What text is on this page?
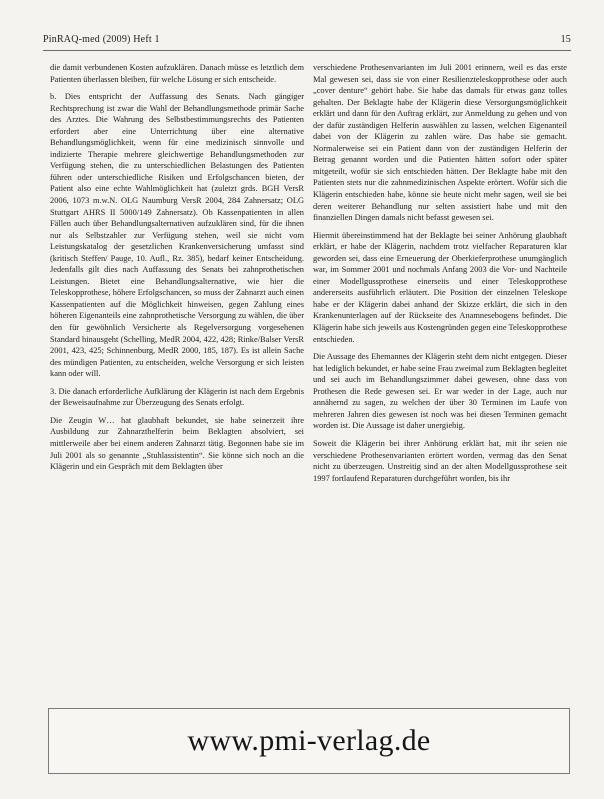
PinRAQ-med (2009) Heft 1	15

die damit verbundenen Kosten aufzuklären. Danach müsse es letztlich dem Patienten überlassen bleiben, für welche Lösung er sich entscheide.

b. Dies entspricht der Auffassung des Senats. Nach gängiger Rechtsprechung ist zwar die Wahl der Behandlungsmethode primär Sache des Arztes. Die Wahrung des Selbstbestimmungsrechts des Patienten erfordert aber eine Unterrichtung über eine alternative Behandlungsmöglichkeit, wenn für eine medizinisch sinnvolle und indizierte Therapie mehrere gleichwertige Behandlungsmethoden zur Verfügung stehen, die zu unterschiedlichen Belastungen des Patienten führen oder unterschiedliche Risiken und Erfolgschancen bieten, der Patient also eine echte Wahlmöglichkeit hat (zuletzt grds. BGH VersR 2006, 1073 m.w.N. OLG Naumburg VersR 2004, 284 Zahnersatz; OLG Stuttgart AHRS II 5000/149 Zahnersatz). Ob Kassenpatienten in allen Fällen auch über Behandlungsalternativen aufzuklären sind, für die ihnen nur als Selbstzahler zur Verfügung stehen, weil sie nicht vom Leistungskatalog der gesetzlichen Krankenversicherung umfasst sind (kritisch Steffen/ Pauge, 10. Aufl., Rz. 385), bedarf keiner Entscheidung. Jedenfalls gilt dies nach Auffassung des Senats bei zahnprothetischen Leistungen. Bietet eine Behandlungsalternative, wie hier die Teleskopprothese, höhere Erfolgschancen, so muss der Zahnarzt auch einen Kassenpatienten auf die Möglichkeit hinweisen, gegen Zahlung eines höheren Eigenanteils eine zahnprothetische Versorgung zu wählen, die über den für gewöhnlich Versicherte als Regelversorgung vorgesehenen Standard hinausgeht (Schelling, MedR 2004, 422, 428; Rinke/Balser VersR 2001, 423, 425; Schinnenburg, MedR 2000, 185, 187). Es ist allein Sache des mündigen Patienten, zu entscheiden, welche Versorgung er sich leisten kann oder will.

3. Die danach erforderliche Aufklärung der Klägerin ist nach dem Ergebnis der Beweisaufnahme zur Überzeugung des Senats erfolgt.

Die Zeugin W… hat glaubhaft bekundet, sie habe seinerzeit ihre Ausbildung zur Zahnarzthelferin beim Beklagten absolviert, sei mittlerweile aber bei einem anderen Zahnarzt tätig. Begonnen habe sie im Juli 2001 als so genannte „Stuhlassistentin“. Sie könne sich noch an die Klägerin und ein Gespräch mit dem Beklagten über

verschiedene Prothesenvarianten im Juli 2001 erinnern, weil es das erste Mal gewesen sei, dass sie von einer Resilienzteleskopprothese oder auch „cover denture“ gehört habe. Sie habe das damals für etwas ganz tolles gehalten. Der Beklagte habe der Klägerin diese Versorgungsmöglichkeit erklärt und dann für den Auftrag erklärt, zur Anmeldung zu gehen und von der dafür zuständigen Helferin auswählen zu lassen, welchen Eigenanteil dabei von der Klägerin zu zahlen wäre. Das habe sie gemacht. Normalerweise sei ein Patient dann von der zuständigen Helferin der Betrag genannt worden und die Patienten hätten sofort oder später mitgeteilt, wofür sie sich entschieden hätten. Der Beklagte habe mit den Patienten stets nur die zahnmedizinischen Aspekte erörtert. Wofür sich die Klägerin entschieden habe, könne sie heute nicht mehr sagen, weil sie bei deren weiterer Behandlung nur selten assistiert habe und mit den finanziellen Dingen damals nicht befasst gewesen sei.

Hiermit übereinstimmend hat der Beklagte bei seiner Anhörung glaubhaft erklärt, er habe der Klägerin, nachdem trotz vielfacher Reparaturen klar geworden sei, dass eine Erneuerung der Oberkieferprothese unumgänglich war, im Sommer 2001 und nochmals Anfang 2003 die Vor- und Nachteile einer Modellgussprothese einerseits und einer Teleskopprothese andererseits ausführlich erläutert. Die Position der einzelnen Teleskope habe er der Klägerin dabei anhand der Skizze erklärt, die sich in den Krankenunterlagen auf der Rückseite des Anamnesebogens befindet. Die Klägerin habe sich jeweils aus Kostengründen gegen eine Teleskopprothese entschieden.

Die Aussage des Ehemannes der Klägerin steht dem nicht entgegen. Dieser hat lediglich bekundet, er habe seine Frau zweimal zum Beklagten begleitet und sei auch im Behandlungszimmer dabei gewesen, ohne dass von Prothesen die Rede gewesen sei. Er war weder in der Lage, auch nur annähernd zu sagen, zu welchen der über 30 Terminen im Laufe von mehreren Jahren dies gewesen ist noch was bei diesen Terminen gemacht worden ist. Die Aussage ist daher unergiebig.

Soweit die Klägerin bei ihrer Anhörung erklärt hat, mit ihr seien nie verschiedene Prothesenvarianten erörtert worden, vermag das den Senat nicht zu überzeugen. Unstreitig sind an der alten Modellgussprothese seit 1997 fortlaufend Reparaturen durchgeführt worden, bis ihr

www.pmi-verlag.de
